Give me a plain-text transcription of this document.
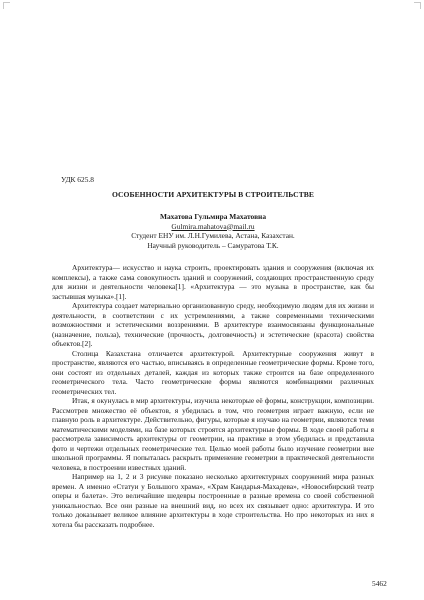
УДК 625.8

ОСОБЕННОСТИ АРХИТЕКТУРЫ В СТРОИТЕЛЬСТВЕ

Махатова Гульмира Махатовна

Gulmira.mahatova@mail.ru

Студент ЕНУ им. Л.Н.Гумилева, Астана, Казахстан.

Научный руководитель – Самуратова Т.К.

Архитектура— искусство и наука строить, проектировать здания и сооружения (включая их комплексы), а также сама совокупность зданий и сооружений, создающих пространственную среду для жизни и деятельности человека[1]. «Архитектура — это музыка в пространстве, как бы застывшая музыка».[1].

Архитектура создает материально организованную среду, необходимую людям для их жизни и деятельности, в соответствии с их устремлениями, а также современными техническими возможностями и эстетическими воззрениями. В архитектуре взаимосвязаны функциональные (назначение, польза), технические (прочность, долговечность) и эстетические (красота) свойства объектов.[2].

Столица Казахстана отличается архитектурой. Архитектурные сооружения живут в пространстве, являются его частью, вписываясь в определенные геометрические формы. Кроме того, они состоят из отдельных деталей, каждая из которых также строится на базе определенного геометрического тела. Часто геометрические формы являются комбинациями различных геометрических тел.

Итак, я окунулась в мир архитектуры, изучила некоторые её формы, конструкции, композиции. Рассмотрев множество её объектов, я убедилась в том, что геометрия играет важную, если не главную роль в архитектуре. Действительно, фигуры, которые я изучаю на геометрии, являются теми математическими моделями, на базе которых строятся архитектурные формы. В ходе своей работы я рассмотрела зависимость архитектуры от геометрии, на практике в этом убедилась и представила фото и чертежи отдельных геометрические тел. Целью моей работы было изучение геометрии вне школьной программы. Я попыталась раскрыть применение геометрии в практической деятельности человека, в построении известных зданий.

Например на 1, 2 и 3 рисунке показано несколько архитектурных сооружений мира разных времен. А именно «Статуи у Большого храма», «Храм Кандарья-Махадева», «Новосибирский театр оперы и балета». Это величайшие шедевры построенные в разные времена со своей собственной уникальностью. Все они разные на внешний вид, но всех их связывает одно: архитектура. И это только доказывает великое влияние архитектуры в ходе строительства. Но про некоторых из них я хотела бы рассказать подробнее.

5462
